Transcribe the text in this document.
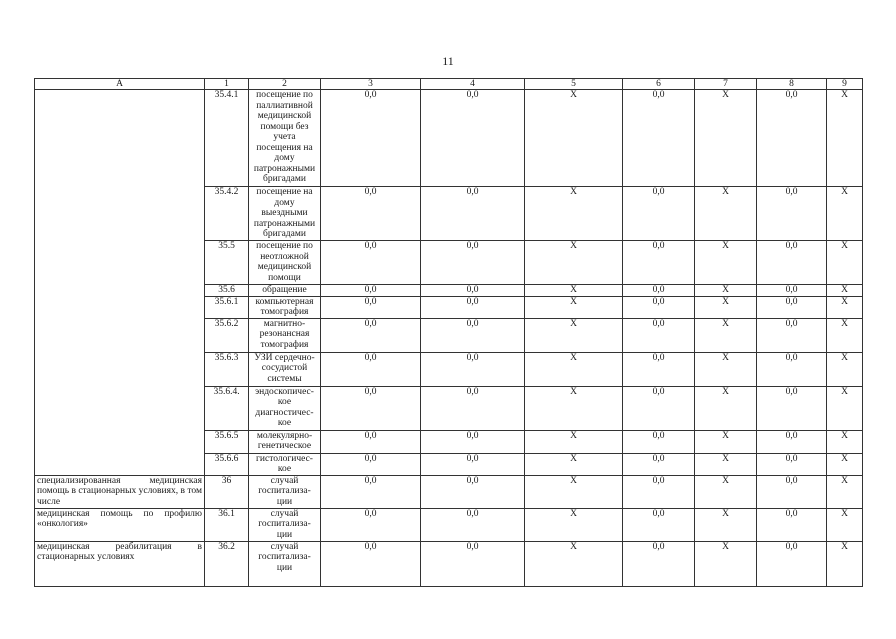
11
А	1	2	3	4	5	6	7	8	9
	35.4.1	посещение по паллиативной медицинской помощи без учета посещения на дому патронажными бригадами	0,0	0,0	Х	0,0	Х	0,0	Х
	35.4.2	посещение на дому выездными патронажными бригадами	0,0	0,0	Х	0,0	Х	0,0	Х
	35.5	посещение по неотложной медицинской помощи	0,0	0,0	Х	0,0	Х	0,0	Х
	35.6	обращение	0,0	0,0	Х	0,0	Х	0,0	Х
	35.6.1	компьютерная томография	0,0	0,0	Х	0,0	Х	0,0	Х
	35.6.2	магнитно-резонансная томография	0,0	0,0	Х	0,0	Х	0,0	Х
	35.6.3	УЗИ сердечно-сосудистой системы	0,0	0,0	Х	0,0	Х	0,0	Х
	35.6.4.	эндоскопичес-кое диагностичес-кое	0,0	0,0	Х	0,0	Х	0,0	Х
	35.6.5	молекулярно-генетическое	0,0	0,0	Х	0,0	Х	0,0	Х
	35.6.6	гистологичес-кое	0,0	0,0	Х	0,0	Х	0,0	Х
специализированная медицинская помощь в стационарных условиях, в том числе	36	случай госпитализа-ции	0,0	0,0	Х	0,0	Х	0,0	Х
медицинская помощь по профилю «онкология»	36.1	случай госпитализа-ции	0,0	0,0	Х	0,0	Х	0,0	Х
медицинская реабилитация в стационарных условиях	36.2	случай госпитализа-ции	0,0	0,0	Х	0,0	Х	0,0	Х
